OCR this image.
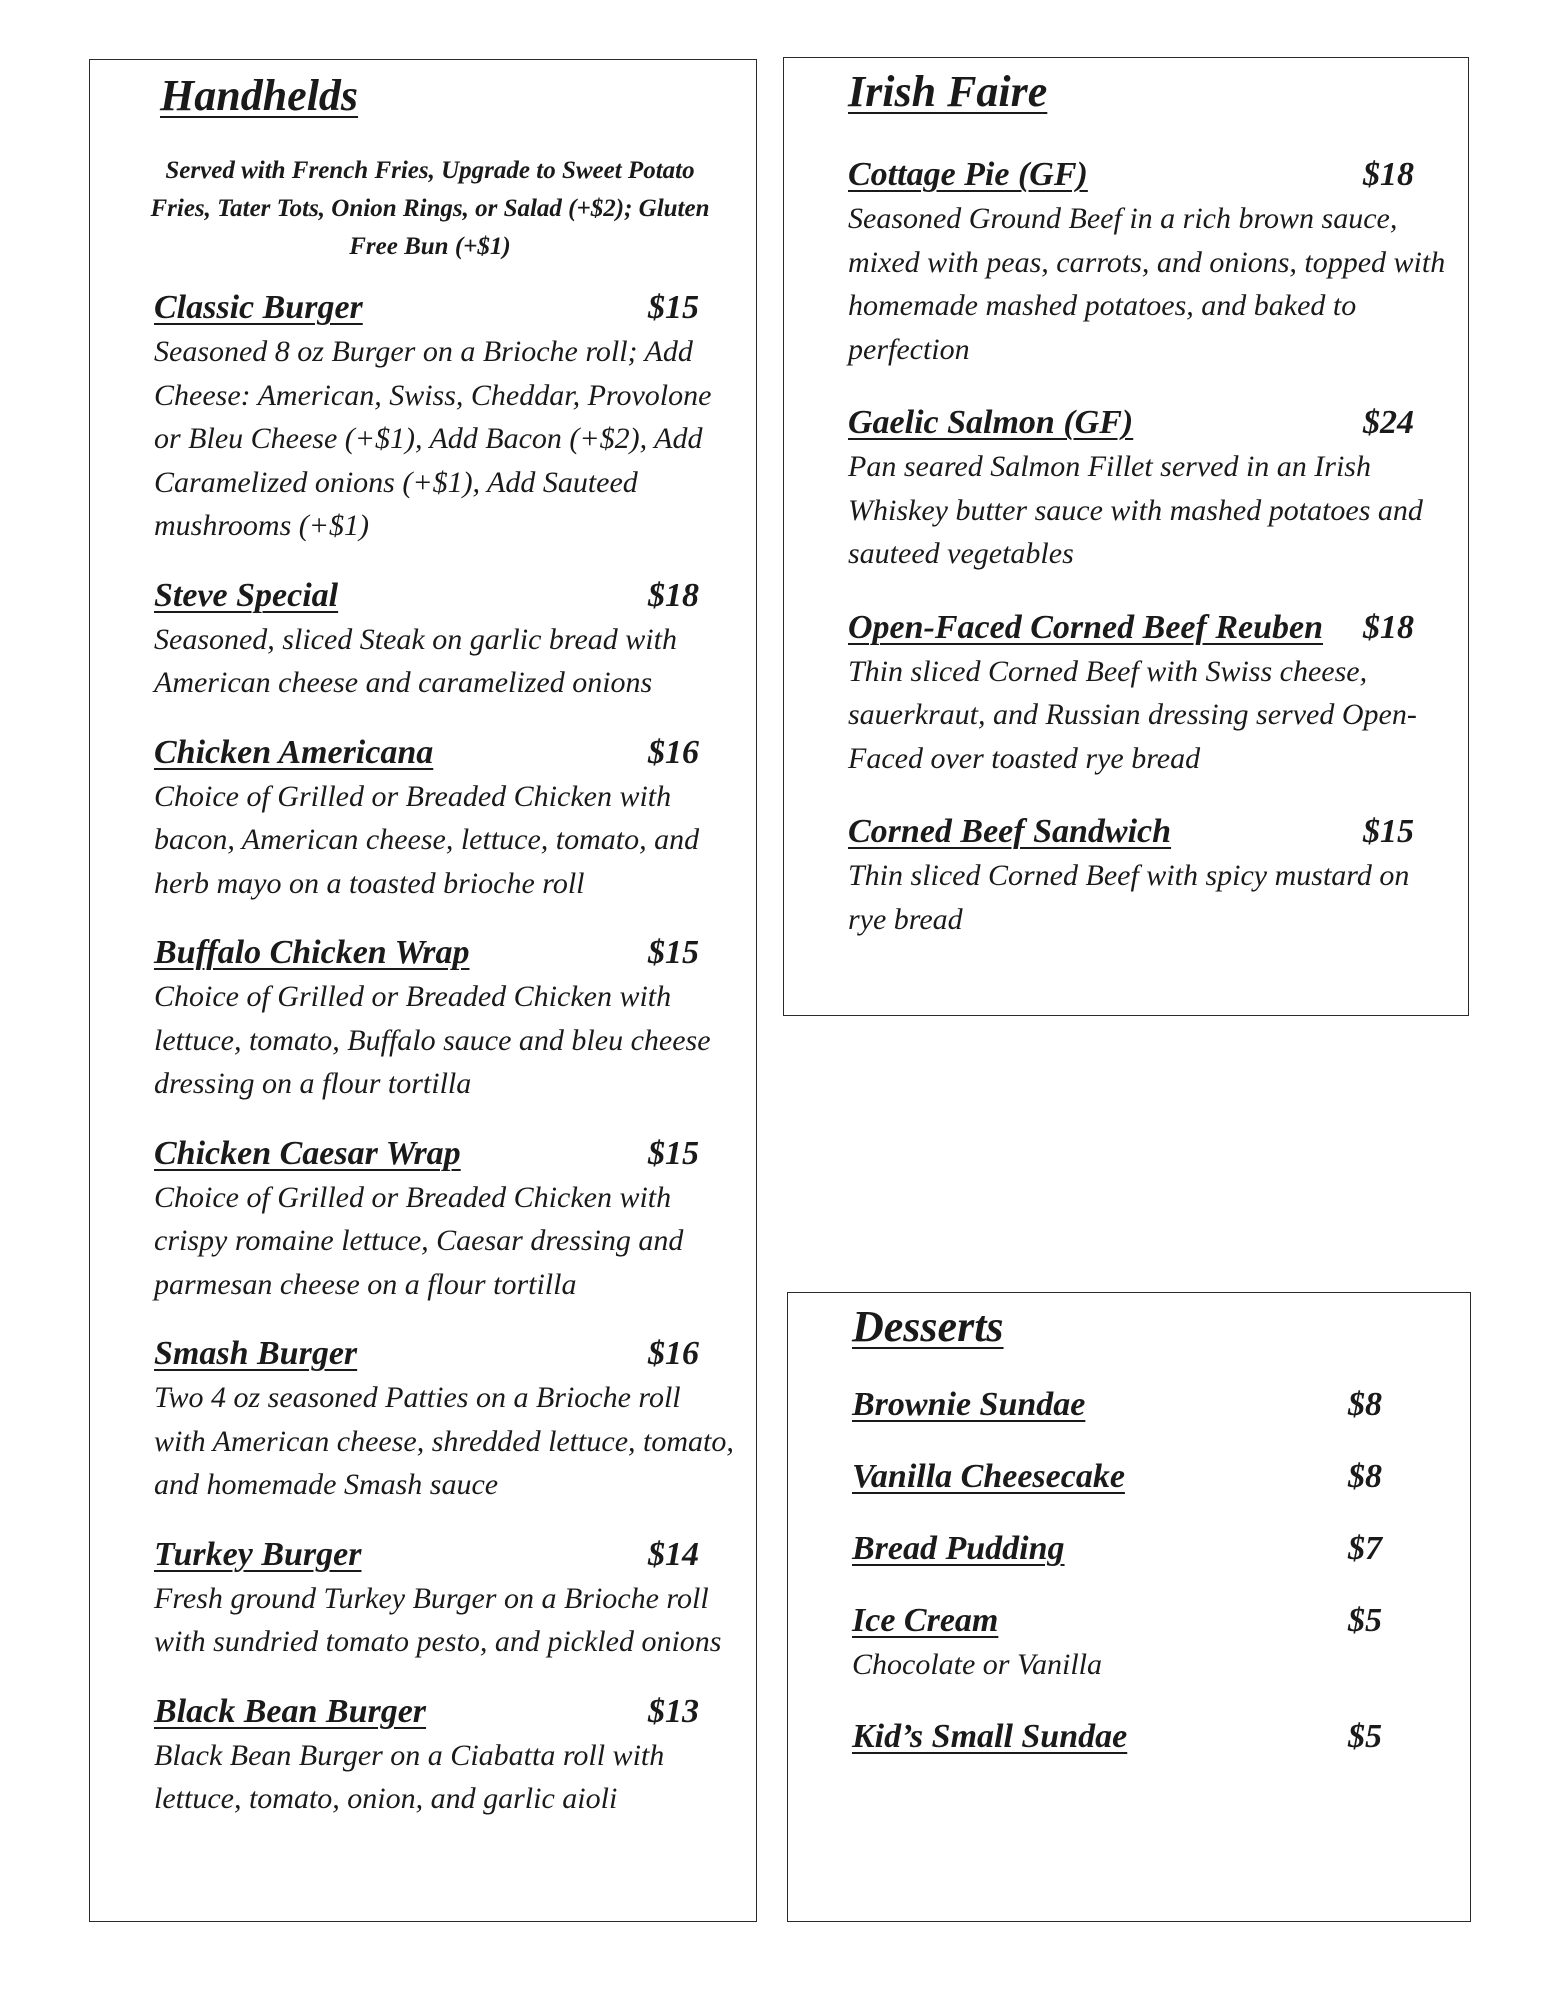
Handhelds

Served with French Fries, Upgrade to Sweet Potato Fries, Tater Tots, Onion Rings, or Salad (+$2); Gluten Free Bun (+$1)

Classic Burger	$15
Seasoned 8 oz Burger on a Brioche roll; Add Cheese: American, Swiss, Cheddar, Provolone or Bleu Cheese (+$1), Add Bacon (+$2), Add Caramelized onions (+$1), Add Sauteed mushrooms (+$1)
Steve Special	$18
Seasoned, sliced Steak on garlic bread with American cheese and caramelized onions
Chicken Americana	$16
Choice of Grilled or Breaded Chicken with bacon, American cheese, lettuce, tomato, and herb mayo on a toasted brioche roll
Buffalo Chicken Wrap	$15
Choice of Grilled or Breaded Chicken with lettuce, tomato, Buffalo sauce and bleu cheese dressing on a flour tortilla
Chicken Caesar Wrap	$15
Choice of Grilled or Breaded Chicken with crispy romaine lettuce, Caesar dressing and parmesan cheese on a flour tortilla
Smash Burger	$16
Two 4 oz seasoned Patties on a Brioche roll with American cheese, shredded lettuce, tomato, and homemade Smash sauce
Turkey Burger	$14
Fresh ground Turkey Burger on a Brioche roll with sundried tomato pesto, and pickled onions
Black Bean Burger	$13
Black Bean Burger on a Ciabatta roll with lettuce, tomato, onion, and garlic aioli
Irish Faire
Cottage Pie (GF)	$18
Seasoned Ground Beef in a rich brown sauce, mixed with peas, carrots, and onions, topped with homemade mashed potatoes, and baked to perfection
Gaelic Salmon (GF)	$24
Pan seared Salmon Fillet served in an Irish Whiskey butter sauce with mashed potatoes and sauteed vegetables
Open-Faced Corned Beef Reuben $18
Thin sliced Corned Beef with Swiss cheese, sauerkraut, and Russian dressing served Open-Faced over toasted rye bread
Corned Beef Sandwich	$15
Thin sliced Corned Beef with spicy mustard on rye bread
Desserts
Brownie Sundae	$8
Vanilla Cheesecake	$8
Bread Pudding	$7
Ice Cream	$5
Chocolate or Vanilla
Kid’s Small Sundae	$5
